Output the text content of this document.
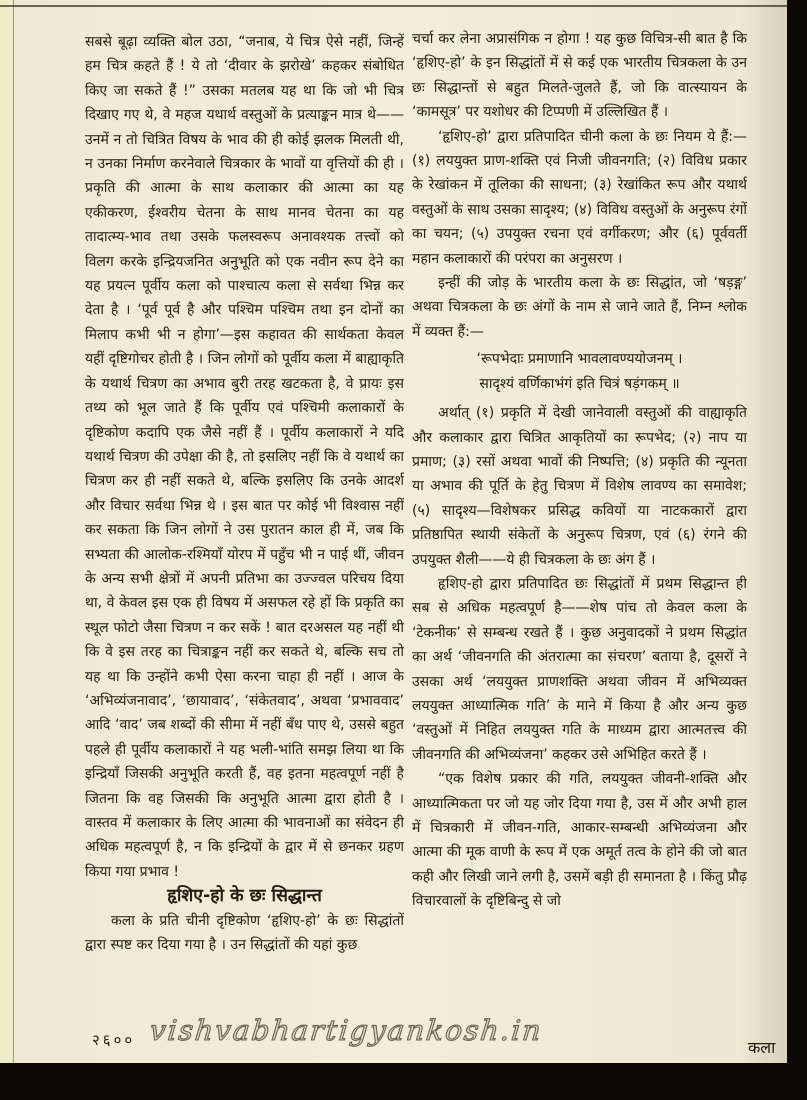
सबसे बूढ़ा व्यक्ति बोल उठा, “जनाब, ये चित्र ऐसे नहीं, जिन्हें हम चित्र कहते हैं ! ये तो ‘दीवार के झरोखे’ कहकर संबोधित किए जा सकते हैं !” उसका मतलब यह था कि जो भी चित्र दिखाए गए थे, वे महज यथार्थ वस्तुओं के प्रत्याङ्कन मात्र थे——उनमें न तो चित्रित विषय के भाव की ही कोई झलक मिलती थी, न उनका निर्माण करनेवाले चित्रकार के भावों या वृत्तियों की ही । प्रकृति की आत्मा के साथ कलाकार की आत्मा का यह एकीकरण, ईश्वरीय चेतना के साथ मानव चेतना का यह तादात्म्य-भाव तथा उसके फलस्वरूप अनावश्यक तत्त्वों को विलग करके इन्द्रियजनित अनुभूति को एक नवीन रूप देने का यह प्रयत्न पूर्वीय कला को पाश्चात्य कला से सर्वथा भिन्न कर देता है । ‘पूर्व पूर्व है और पश्चिम पश्चिम तथा इन दोनों का मिलाप कभी भी न होगा’—इस कहावत की सार्थकता केवल यहीं दृष्टिगोचर होती है । जिन लोगों को पूर्वीय कला में बाह्याकृति के यथार्थ चित्रण का अभाव बुरी तरह खटकता है, वे प्रायः इस तथ्य को भूल जाते हैं कि पूर्वीय एवं पश्चिमी कलाकारों के दृष्टिकोण कदापि एक जैसे नहीं हैं । पूर्वीय कलाकारों ने यदि यथार्थ चित्रण की उपेक्षा की है, तो इसलिए नहीं कि वे यथार्थ का चित्रण कर ही नहीं सकते थे, बल्कि इसलिए कि उनके आदर्श और विचार सर्वथा भिन्न थे । इस बात पर कोई भी विश्वास नहीं कर सकता कि जिन लोगों ने उस पुरातन काल ही में, जब कि सभ्यता की आलोक-रश्मियाँ योरप में पहुँच भी न पाई थीं, जीवन के अन्य सभी क्षेत्रों में अपनी प्रतिभा का उज्ज्वल परिचय दिया था, वे केवल इस एक ही विषय में असफल रहे हों कि प्रकृति का स्थूल फोटो जैसा चित्रण न कर सकें ! बात दरअसल यह नहीं थी कि वे इस तरह का चित्राङ्कन नहीं कर सकते थे, बल्कि सच तो यह था कि उन्होंने कभी ऐसा करना चाहा ही नहीं । आज के ‘अभिव्यंजनावाद’, ‘छायावाद’, ‘संकेतवाद’, अथवा ‘प्रभाववाद’ आदि ‘वाद’ जब शब्दों की सीमा में नहीं बँध पाए थे, उससे बहुत पहले ही पूर्वीय कलाकारों ने यह भली-भांति समझ लिया था कि इन्द्रियाँ जिसकी अनुभूति करती हैं, वह इतना महत्वपूर्ण नहीं है जितना कि वह जिसकी कि अनुभूति आत्मा द्वारा होती है । वास्तव में कलाकार के लिए आत्मा की भावनाओं का संवेदन ही अधिक महत्वपूर्ण है, न कि इन्द्रियों के द्वार में से छनकर ग्रहण किया गया प्रभाव !

हृशिए-हो के छः सिद्धान्त

कला के प्रति चीनी दृष्टिकोण ‘हृशिए-हो’ के छः सिद्धांतों द्वारा स्पष्ट कर दिया गया है । उन सिद्धांतों की यहां कुछ

चर्चा कर लेना अप्रासंगिक न होगा ! यह कुछ विचित्र-सी बात है कि ‘हृशिए-हो’ के इन सिद्धांतों में से कई एक भारतीय चित्रकला के उन छः सिद्धान्तों से बहुत मिलते-जुलते हैं, जो कि वात्स्यायन के ‘कामसूत्र’ पर यशोधर की टिप्पणी में उल्लिखित हैं ।

‘हृशिए-हो’ द्वारा प्रतिपादित चीनी कला के छः नियम ये हैं:—(१) लययुक्त प्राण-शक्ति एवं निजी जीवनगति; (२) विविध प्रकार के रेखांकन में तूलिका की साधना; (३) रेखांकित रूप और यथार्थ वस्तुओं के साथ उसका सादृश्य; (४) विविध वस्तुओं के अनुरूप रंगों का चयन; (५) उपयुक्त रचना एवं वर्गीकरण; और (६) पूर्ववर्ती महान कलाकारों की परंपरा का अनुसरण ।

इन्हीं की जोड़ के भारतीय कला के छः सिद्धांत, जो ‘षड़ङ्ग’ अथवा चित्रकला के छः अंगों के नाम से जाने जाते हैं, निम्न श्लोक में व्यक्त हैं:—

‘रूपभेदाः प्रमाणानि भावलावण्ययोजनम् ।
सादृश्यं वर्णिकाभंगं इति चित्रं षड़ंगकम् ॥

अर्थात् (१) प्रकृति में देखी जानेवाली वस्तुओं की वाह्याकृति और कलाकार द्वारा चित्रित आकृतियों का रूपभेद; (२) नाप या प्रमाण; (३) रसों अथवा भावों की निष्पत्ति; (४) प्रकृति की न्यूनता या अभाव की पूर्ति के हेतु चित्रण में विशेष लावण्य का समावेश; (५) सादृश्य—विशेषकर प्रसिद्ध कवियों या नाटककारों द्वारा प्रतिष्ठापित स्थायी संकेतों के अनुरूप चित्रण, एवं (६) रंगने की उपयुक्त शैली——ये ही चित्रकला के छः अंग हैं ।

हृशिए-हो द्वारा प्रतिपादित छः सिद्धांतों में प्रथम सिद्धान्त ही सब से अधिक महत्वपूर्ण है——शेष पांच तो केवल कला के ‘टेकनीक’ से सम्बन्ध रखते हैं । कुछ अनुवादकों ने प्रथम सिद्धांत का अर्थ ‘जीवनगति की अंतरात्मा का संचरण’ बताया है, दूसरों ने उसका अर्थ ‘लययुक्त प्राणशक्ति अथवा जीवन में अभिव्यक्त लययुक्त आध्यात्मिक गति’ के माने में किया है और अन्य कुछ ‘वस्तुओं में निहित लययुक्त गति के माध्यम द्वारा आत्मतत्त्व की जीवनगति की अभिव्यंजना’ कहकर उसे अभिहित करते हैं ।

“एक विशेष प्रकार की गति, लययुक्त जीवनी-शक्ति और आध्यात्मिकता पर जो यह जोर दिया गया है, उस में और अभी हाल में चित्रकारी में जीवन-गति, आकार-सम्बन्धी अभिव्यंजना और आत्मा की मूक वाणी के रूप में एक अमूर्त तत्व के होने की जो बात कही और लिखी जाने लगी है, उसमें बड़ी ही समानता है । किंतु प्रौढ़ विचारवालों के दृष्टिबिन्दु से जो

२६०० vishvabhartigyankosh.in
कला
